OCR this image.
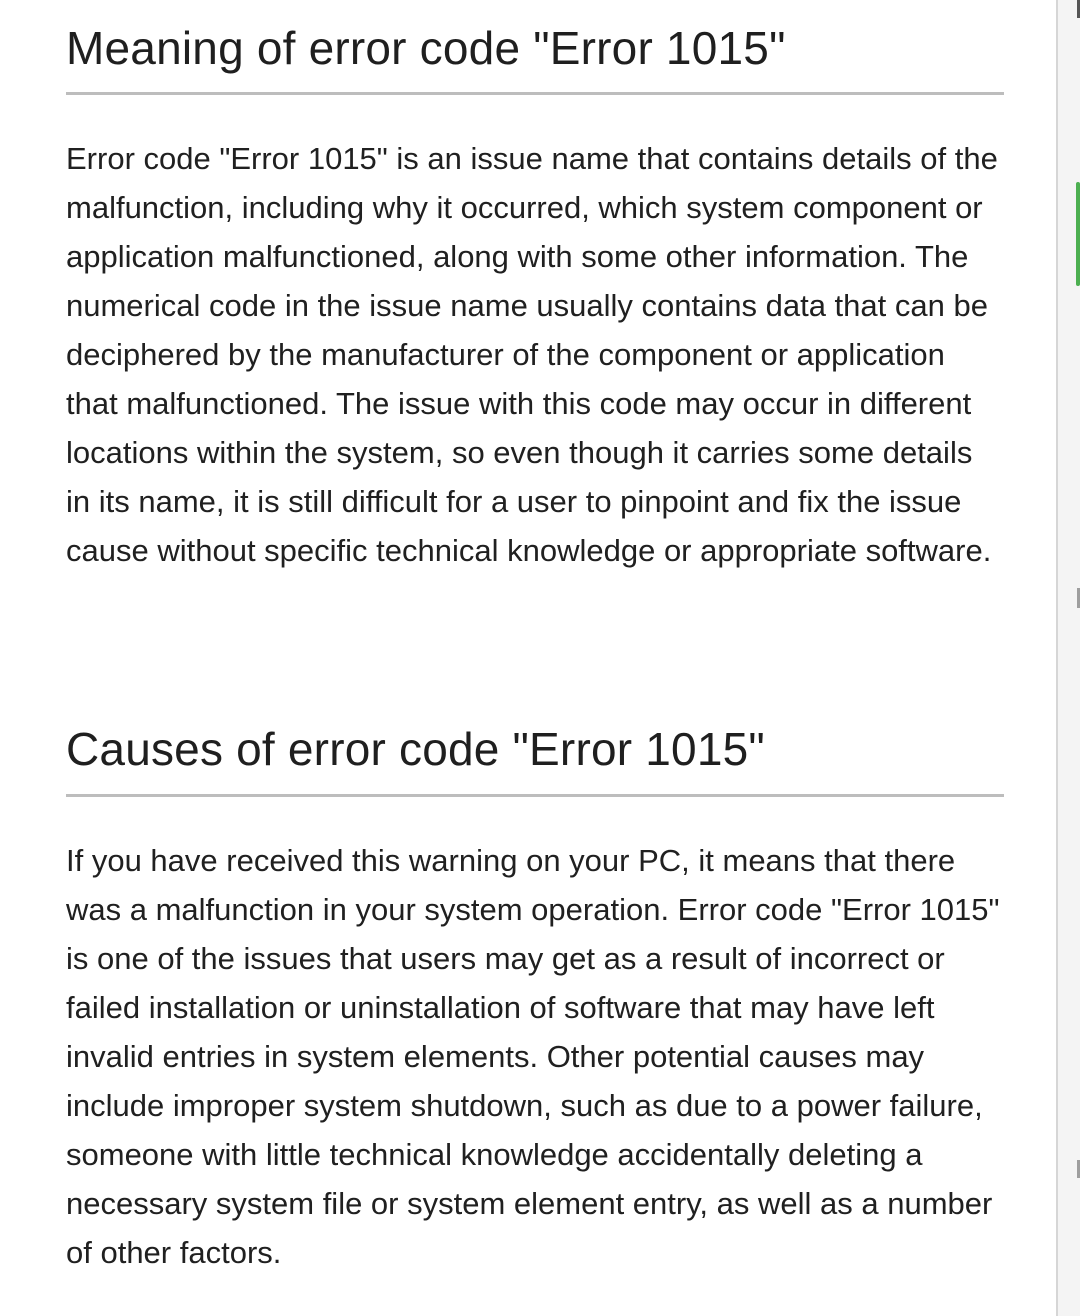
Meaning of error code "Error 1015"

Error code "Error 1015" is an issue name that contains details of the malfunction, including why it occurred, which system component or application malfunctioned, along with some other information. The numerical code in the issue name usually contains data that can be deciphered by the manufacturer of the component or application that malfunctioned. The issue with this code may occur in different locations within the system, so even though it carries some details in its name, it is still difficult for a user to pinpoint and fix the issue cause without specific technical knowledge or appropriate software.

Causes of error code "Error 1015"

If you have received this warning on your PC, it means that there was a malfunction in your system operation. Error code "Error 1015" is one of the issues that users may get as a result of incorrect or failed installation or uninstallation of software that may have left invalid entries in system elements. Other potential causes may include improper system shutdown, such as due to a power failure, someone with little technical knowledge accidentally deleting a necessary system file or system element entry, as well as a number of other factors.
